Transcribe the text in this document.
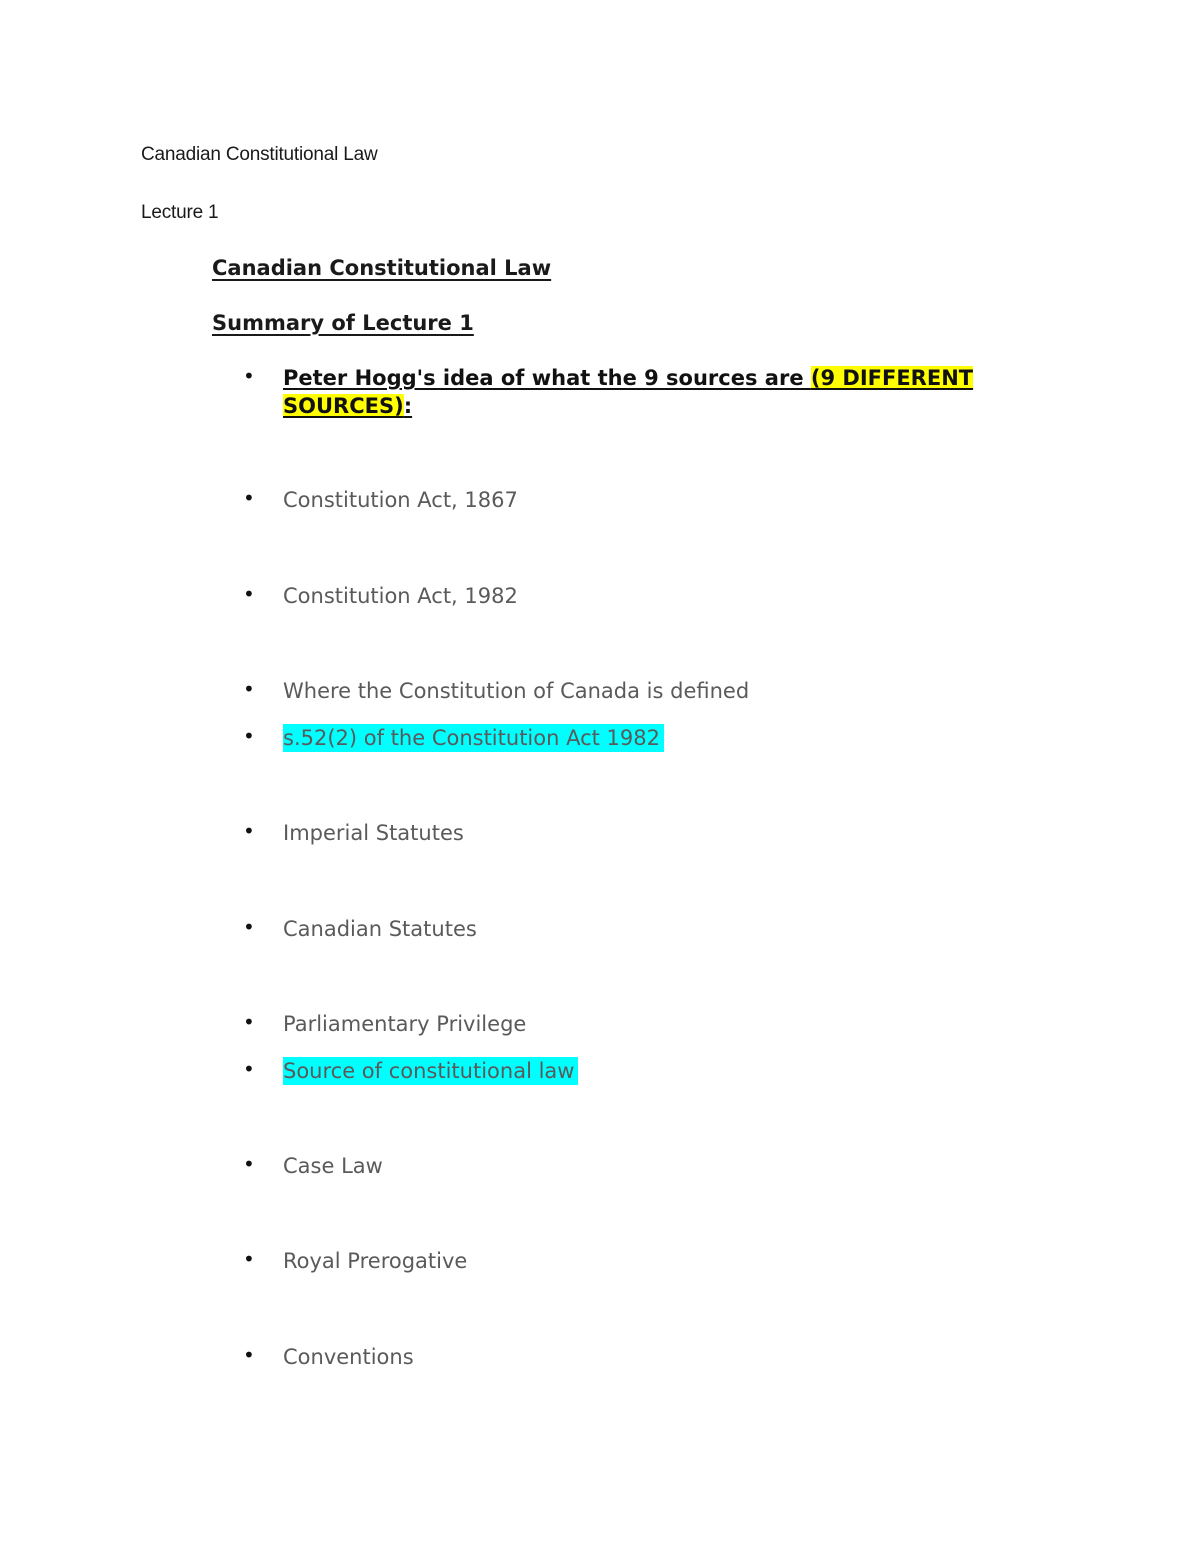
Canadian Constitutional Law
Lecture 1
Canadian Constitutional Law
Summary of Lecture 1
• Peter Hogg's idea of what the 9 sources are (9 DIFFERENT SOURCES):
• Constitution Act, 1867
• Constitution Act, 1982
• Where the Constitution of Canada is defined
• s.52(2) of the Constitution Act 1982
• Imperial Statutes
• Canadian Statutes
• Parliamentary Privilege
• Source of constitutional law
• Case Law
• Royal Prerogative
• Conventions
